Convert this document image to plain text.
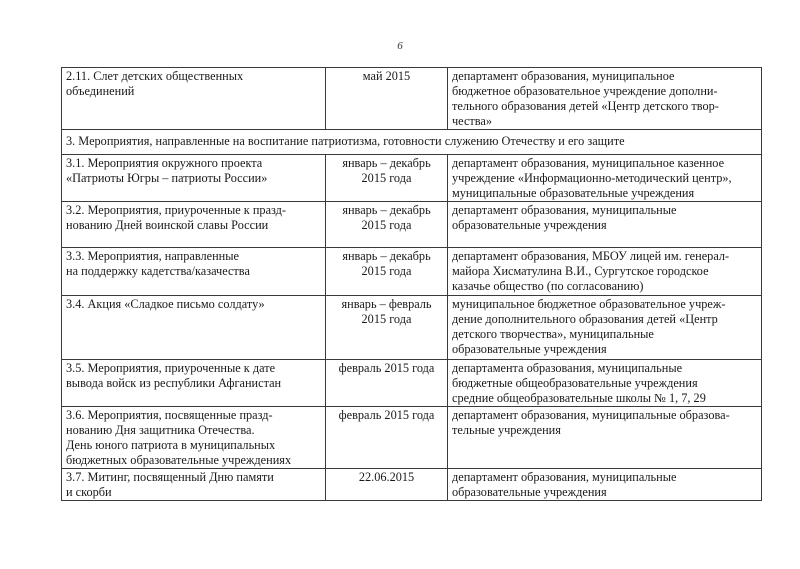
6
2.11. Слет детских общественных
объединений	май 2015	департамент образования, муниципальное
бюджетное образовательное учреждение дополни-
тельного образования детей «Центр детского твор-
чества»

3. Мероприятия, направленные на воспитание патриотизма, готовности служению Отечеству и его защите		

3.1. Мероприятия окружного проекта
«Патриоты Югры – патриоты России»	январь – декабрь
2015 года	департамент образования, муниципальное казенное
учреждение «Информационно-методический центр»,
муниципальные образовательные учреждения

3.2. Мероприятия, приуроченные к празд-
нованию Дней воинской славы России	январь – декабрь
2015 года	департамент образования, муниципальные
образовательные учреждения

3.3. Мероприятия, направленные
на поддержку кадетства/казачества	январь – декабрь
2015 года	департамент образования, МБОУ лицей им. генерал-
майора Хисматулина В.И., Сургутское городское
казачье общество (по согласованию)

3.4. Акция «Сладкое письмо солдату»	январь – февраль
2015 года	муниципальное бюджетное образовательное учреж-
дение дополнительного образования детей «Центр
детского творчества», муниципальные
образовательные учреждения

3.5. Мероприятия, приуроченные к дате
вывода войск из республики Афганистан	февраль 2015 года	департамента образования, муниципальные
бюджетные общеобразовательные учреждения
средние общеобразовательные школы № 1, 7, 29

3.6. Мероприятия, посвященные празд-
нованию Дня защитника Отечества.
День юного патриота в муниципальных
бюджетных образовательные учреждениях	февраль 2015 года	департамент образования, муниципальные образова-
тельные учреждения

3.7. Митинг, посвященный Дню памяти
и скорби	22.06.2015	департамент образования, муниципальные
образовательные учреждения
